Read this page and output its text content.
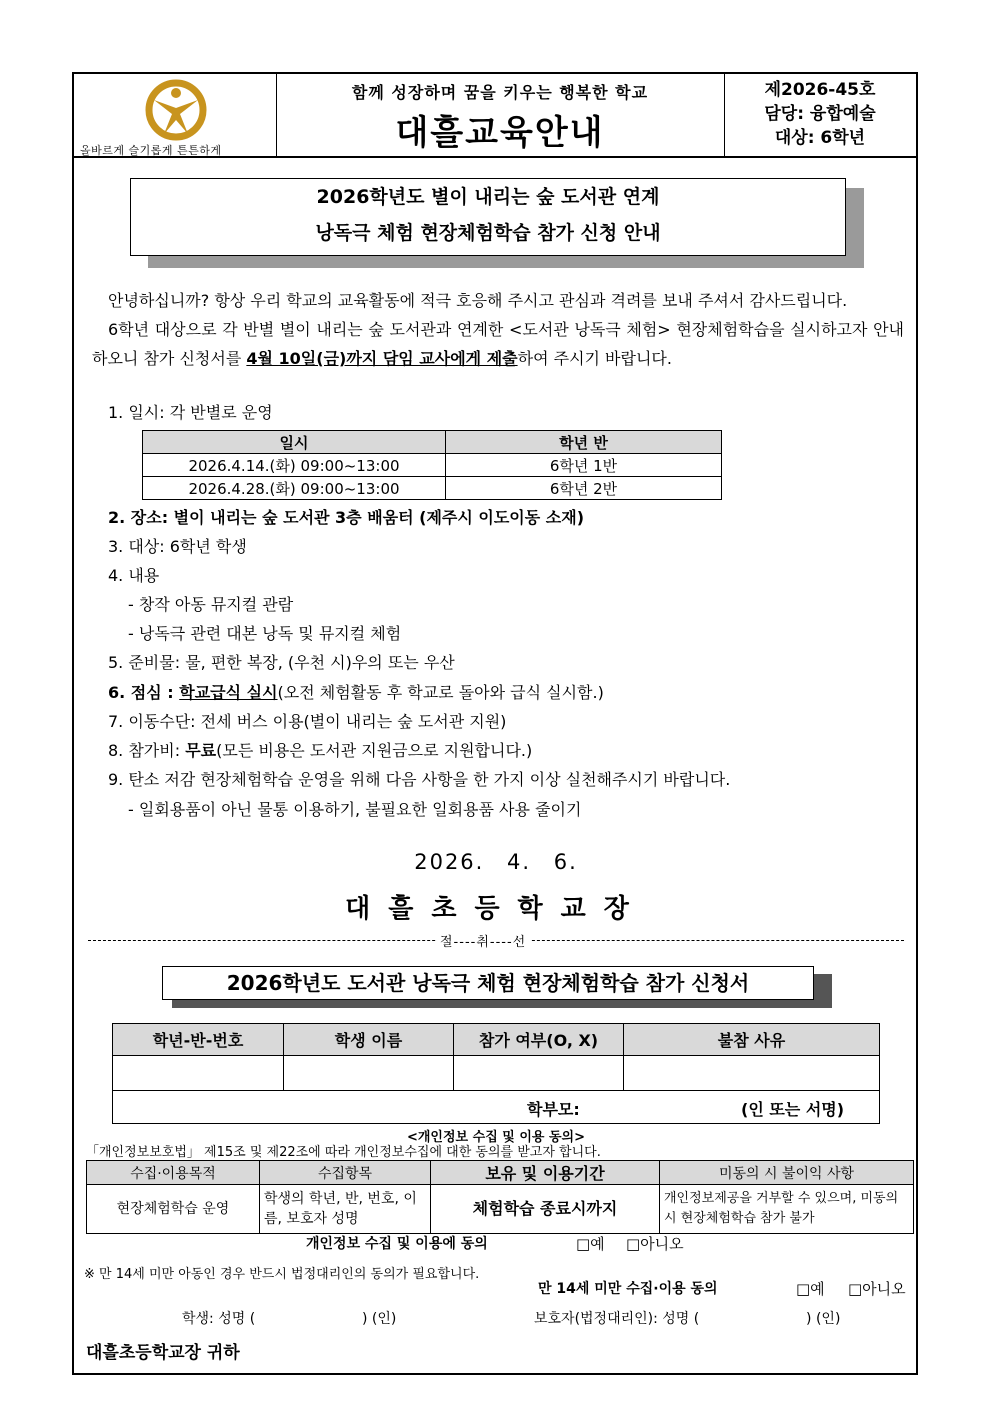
올바르게 슬기롭게 튼튼하게
함께 성장하며 꿈을 키우는 행복한 학교
대흘교육안내
제2026-45호
담당: 융합예술
대상: 6학년
2026학년도 별이 내리는 숲 도서관 연계
낭독극 체험 현장체험학습 참가 신청 안내

안녕하십니까? 항상 우리 학교의 교육활동에 적극 호응해 주시고 관심과 격려를 보내 주셔서 감사드립니다.

6학년 대상으로 각 반별 별이 내리는 숲 도서관과 연계한 <도서관 낭독극 체험> 현장체험학습을 실시하고자 안내하오니 참가 신청서를 4월 10일(금)까지 담임 교사에게 제출하여 주시기 바랍니다.

1. 일시: 각 반별로 운영
일시	학년 반
2026.4.14.(화) 09:00~13:00	6학년 1반
2026.4.28.(화) 09:00~13:00	6학년 2반
2. 장소: 별이 내리는 숲 도서관 3층 배움터 (제주시 이도이동 소재)
3. 대상: 6학년 학생
4. 내용
- 창작 아동 뮤지컬 관람
- 낭독극 관련 대본 낭독 및 뮤지컬 체험
5. 준비물: 물, 편한 복장, (우천 시)우의 또는 우산
6. 점심 : 학교급식 실시(오전 체험활동 후 학교로 돌아와 급식 실시함.)
7. 이동수단: 전세 버스 이용(별이 내리는 숲 도서관 지원)
8. 참가비: 무료(모든 비용은 도서관 지원금으로 지원합니다.)
9. 탄소 저감 현장체험학습 운영을 위해 다음 사항을 한 가지 이상 실천해주시기 바랍니다.
- 일회용품이 아닌 물통 이용하기, 불필요한 일회용품 사용 줄이기
2026. 4. 6.
대흘초등학교장
절----취----선
2026학년도 도서관 낭독극 체험 현장체험학습 참가 신청서
학년-반-번호	학생 이름	참가 여부(O, X)	불참 사유

학부모:	(인 또는 서명)
<개인정보 수집 및 이용 동의>
「개인정보보호법」 제15조 및 제22조에 따라 개인정보수집에 대한 동의를 받고자 합니다.
수집·이용목적	수집항목	보유 및 이용기간	미동의 시 불이익 사항
현장체험학습 운영	학생의 학년, 반, 번호, 이름, 보호자 성명	체험학습 종료시까지	개인정보제공을 거부할 수 있으며, 미동의 시 현장체험학습 참가 불가
개인정보 수집 및 이용에 동의	□예 □아니오
※ 만 14세 미만 아동인 경우 반드시 법정대리인의 동의가 필요합니다.
만 14세 미만 수집·이용 동의	□예 □아니오
학생: 성명 (                        ) (인)	보호자(법정대리인): 성명 (                        ) (인)
대흘초등학교장 귀하
